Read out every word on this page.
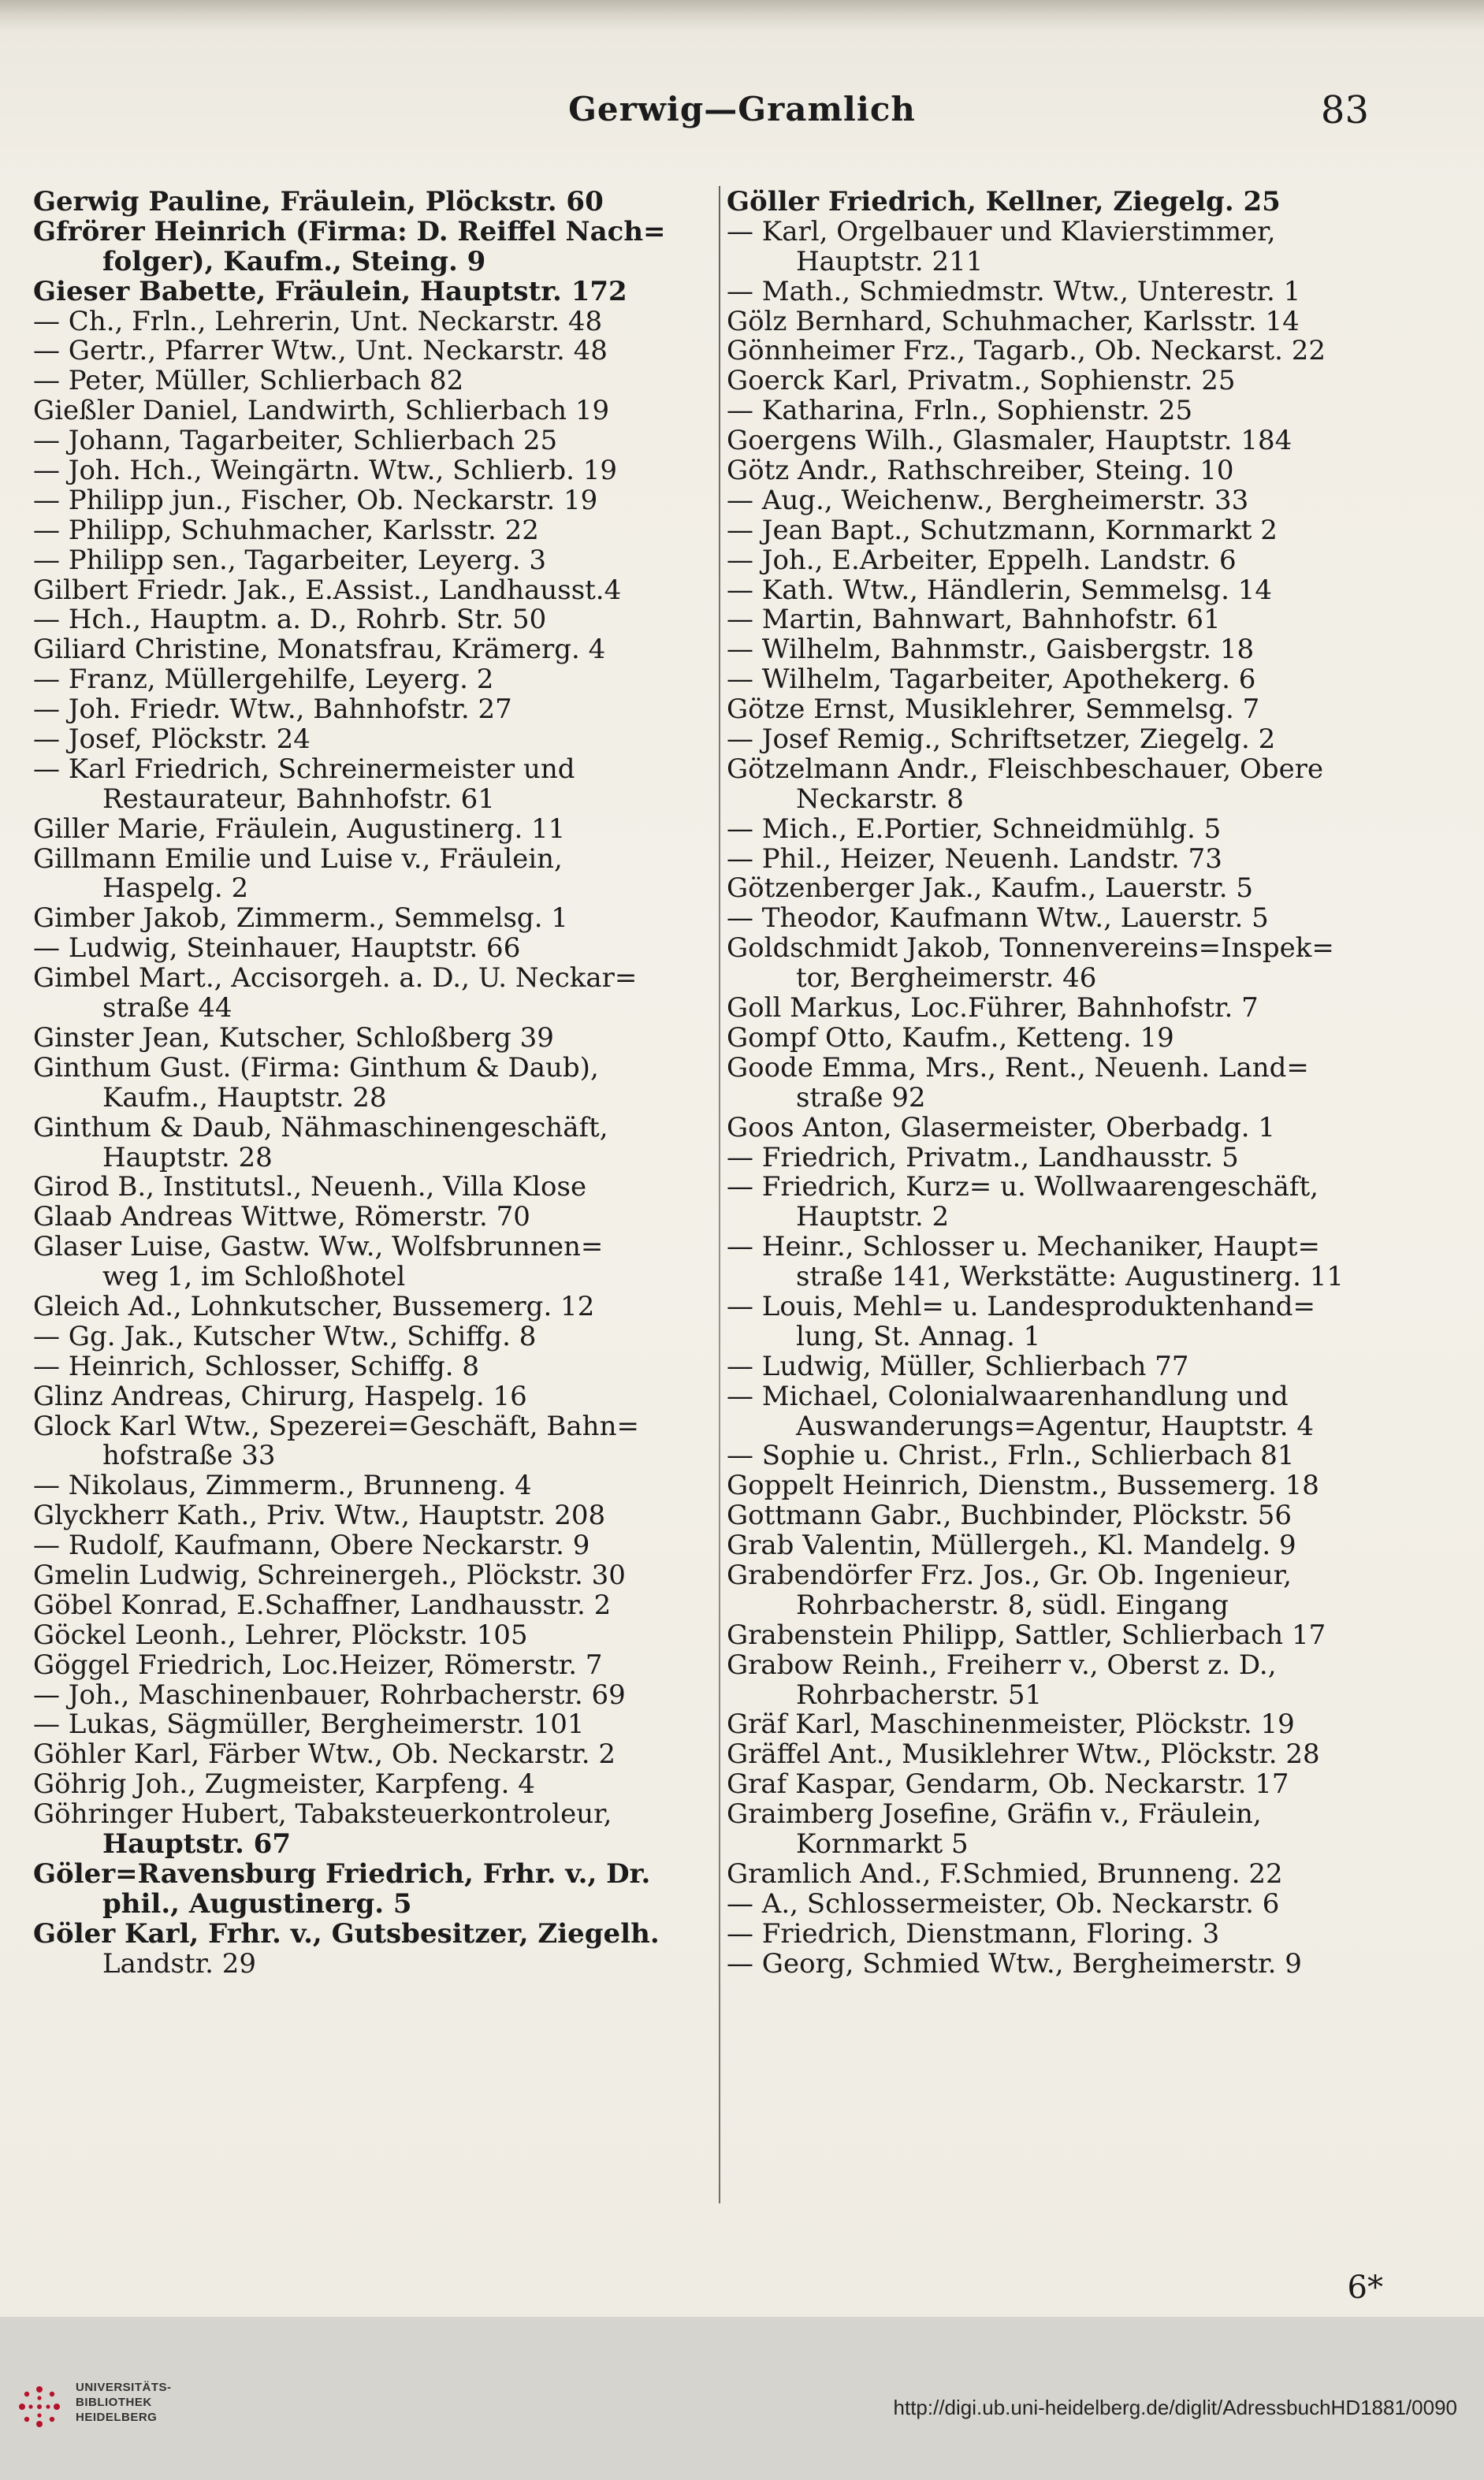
Gerwig—Gramlich	83
Gerwig Pauline, Fräulein, Plöckstr. 60
Gfrörer Heinrich (Firma: D. Reiffel Nach=
folger), Kaufm., Steing. 9
Gieser Babette, Fräulein, Hauptstr. 172
— Ch., Frln., Lehrerin, Unt. Neckarstr. 48
— Gertr., Pfarrer Wtw., Unt. Neckarstr. 48
— Peter, Müller, Schlierbach 82
Gießler Daniel, Landwirth, Schlierbach 19
— Johann, Tagarbeiter, Schlierbach 25
— Joh. Hch., Weingärtn. Wtw., Schlierb. 19
— Philipp jun., Fischer, Ob. Neckarstr. 19
— Philipp, Schuhmacher, Karlsstr. 22
— Philipp sen., Tagarbeiter, Leyerg. 3
Gilbert Friedr. Jak., E.Assist., Landhausst.4
— Hch., Hauptm. a. D., Rohrb. Str. 50
Giliard Christine, Monatsfrau, Krämerg. 4
— Franz, Müllergehilfe, Leyerg. 2
— Joh. Friedr. Wtw., Bahnhofstr. 27
— Josef, Plöckstr. 24
— Karl Friedrich, Schreinermeister und
Restaurateur, Bahnhofstr. 61
Giller Marie, Fräulein, Augustinerg. 11
Gillmann Emilie und Luise v., Fräulein,
Haspelg. 2
Gimber Jakob, Zimmerm., Semmelsg. 1
— Ludwig, Steinhauer, Hauptstr. 66
Gimbel Mart., Accisorgeh. a. D., U. Neckar=
straße 44
Ginster Jean, Kutscher, Schloßberg 39
Ginthum Gust. (Firma: Ginthum & Daub),
Kaufm., Hauptstr. 28
Ginthum & Daub, Nähmaschinengeschäft,
Hauptstr. 28
Girod B., Institutsl., Neuenh., Villa Klose
Glaab Andreas Wittwe, Römerstr. 70
Glaser Luise, Gastw. Ww., Wolfsbrunnen=
weg 1, im Schloßhotel
Gleich Ad., Lohnkutscher, Bussemerg. 12
— Gg. Jak., Kutscher Wtw., Schiffg. 8
— Heinrich, Schlosser, Schiffg. 8
Glinz Andreas, Chirurg, Haspelg. 16
Glock Karl Wtw., Spezerei=Geschäft, Bahn=
hofstraße 33
— Nikolaus, Zimmerm., Brunneng. 4
Glyckherr Kath., Priv. Wtw., Hauptstr. 208
— Rudolf, Kaufmann, Obere Neckarstr. 9
Gmelin Ludwig, Schreinergeh., Plöckstr. 30
Göbel Konrad, E.Schaffner, Landhausstr. 2
Göckel Leonh., Lehrer, Plöckstr. 105
Göggel Friedrich, Loc.Heizer, Römerstr. 7
— Joh., Maschinenbauer, Rohrbacherstr. 69
— Lukas, Sägmüller, Bergheimerstr. 101
Göhler Karl, Färber Wtw., Ob. Neckarstr. 2
Göhrig Joh., Zugmeister, Karpfeng. 4
Göhringer Hubert, Tabaksteuerkontroleur,
Hauptstr. 67
Göler=Ravensburg Friedrich, Frhr. v., Dr.
phil., Augustinerg. 5
Göler Karl, Frhr. v., Gutsbesitzer, Ziegelh.
Landstr. 29
Göller Friedrich, Kellner, Ziegelg. 25
— Karl, Orgelbauer und Klavierstimmer,
Hauptstr. 211
— Math., Schmiedmstr. Wtw., Unterestr. 1
Gölz Bernhard, Schuhmacher, Karlsstr. 14
Gönnheimer Frz., Tagarb., Ob. Neckarst. 22
Goerck Karl, Privatm., Sophienstr. 25
— Katharina, Frln., Sophienstr. 25
Goergens Wilh., Glasmaler, Hauptstr. 184
Götz Andr., Rathschreiber, Steing. 10
— Aug., Weichenw., Bergheimerstr. 33
— Jean Bapt., Schutzmann, Kornmarkt 2
— Joh., E.Arbeiter, Eppelh. Landstr. 6
— Kath. Wtw., Händlerin, Semmelsg. 14
— Martin, Bahnwart, Bahnhofstr. 61
— Wilhelm, Bahnmstr., Gaisbergstr. 18
— Wilhelm, Tagarbeiter, Apothekerg. 6
Götze Ernst, Musiklehrer, Semmelsg. 7
— Josef Remig., Schriftsetzer, Ziegelg. 2
Götzelmann Andr., Fleischbeschauer, Obere
Neckarstr. 8
— Mich., E.Portier, Schneidmühlg. 5
— Phil., Heizer, Neuenh. Landstr. 73
Götzenberger Jak., Kaufm., Lauerstr. 5
— Theodor, Kaufmann Wtw., Lauerstr. 5
Goldschmidt Jakob, Tonnenvereins=Inspek=
tor, Bergheimerstr. 46
Goll Markus, Loc.Führer, Bahnhofstr. 7
Gompf Otto, Kaufm., Ketteng. 19
Goode Emma, Mrs., Rent., Neuenh. Land=
straße 92
Goos Anton, Glasermeister, Oberbadg. 1
— Friedrich, Privatm., Landhausstr. 5
— Friedrich, Kurz= u. Wollwaarengeschäft,
Hauptstr. 2
— Heinr., Schlosser u. Mechaniker, Haupt=
straße 141, Werkstätte: Augustinerg. 11
— Louis, Mehl= u. Landesproduktenhand=
lung, St. Annag. 1
— Ludwig, Müller, Schlierbach 77
— Michael, Colonialwaarenhandlung und
Auswanderungs=Agentur, Hauptstr. 4
— Sophie u. Christ., Frln., Schlierbach 81
Goppelt Heinrich, Dienstm., Bussemerg. 18
Gottmann Gabr., Buchbinder, Plöckstr. 56
Grab Valentin, Müllergeh., Kl. Mandelg. 9
Grabendörfer Frz. Jos., Gr. Ob. Ingenieur,
Rohrbacherstr. 8, südl. Eingang
Grabenstein Philipp, Sattler, Schlierbach 17
Grabow Reinh., Freiherr v., Oberst z. D.,
Rohrbacherstr. 51
Gräf Karl, Maschinenmeister, Plöckstr. 19
Gräffel Ant., Musiklehrer Wtw., Plöckstr. 28
Graf Kaspar, Gendarm, Ob. Neckarstr. 17
Graimberg Josefine, Gräfin v., Fräulein,
Kornmarkt 5
Gramlich And., F.Schmied, Brunneng. 22
— A., Schlossermeister, Ob. Neckarstr. 6
— Friedrich, Dienstmann, Floring. 3
— Georg, Schmied Wtw., Bergheimerstr. 9
6*
UNIVERSITÄTS-
BIBLIOTHEK
HEIDELBERG	http://digi.ub.uni-heidelberg.de/diglit/AdressbuchHD1881/0090
